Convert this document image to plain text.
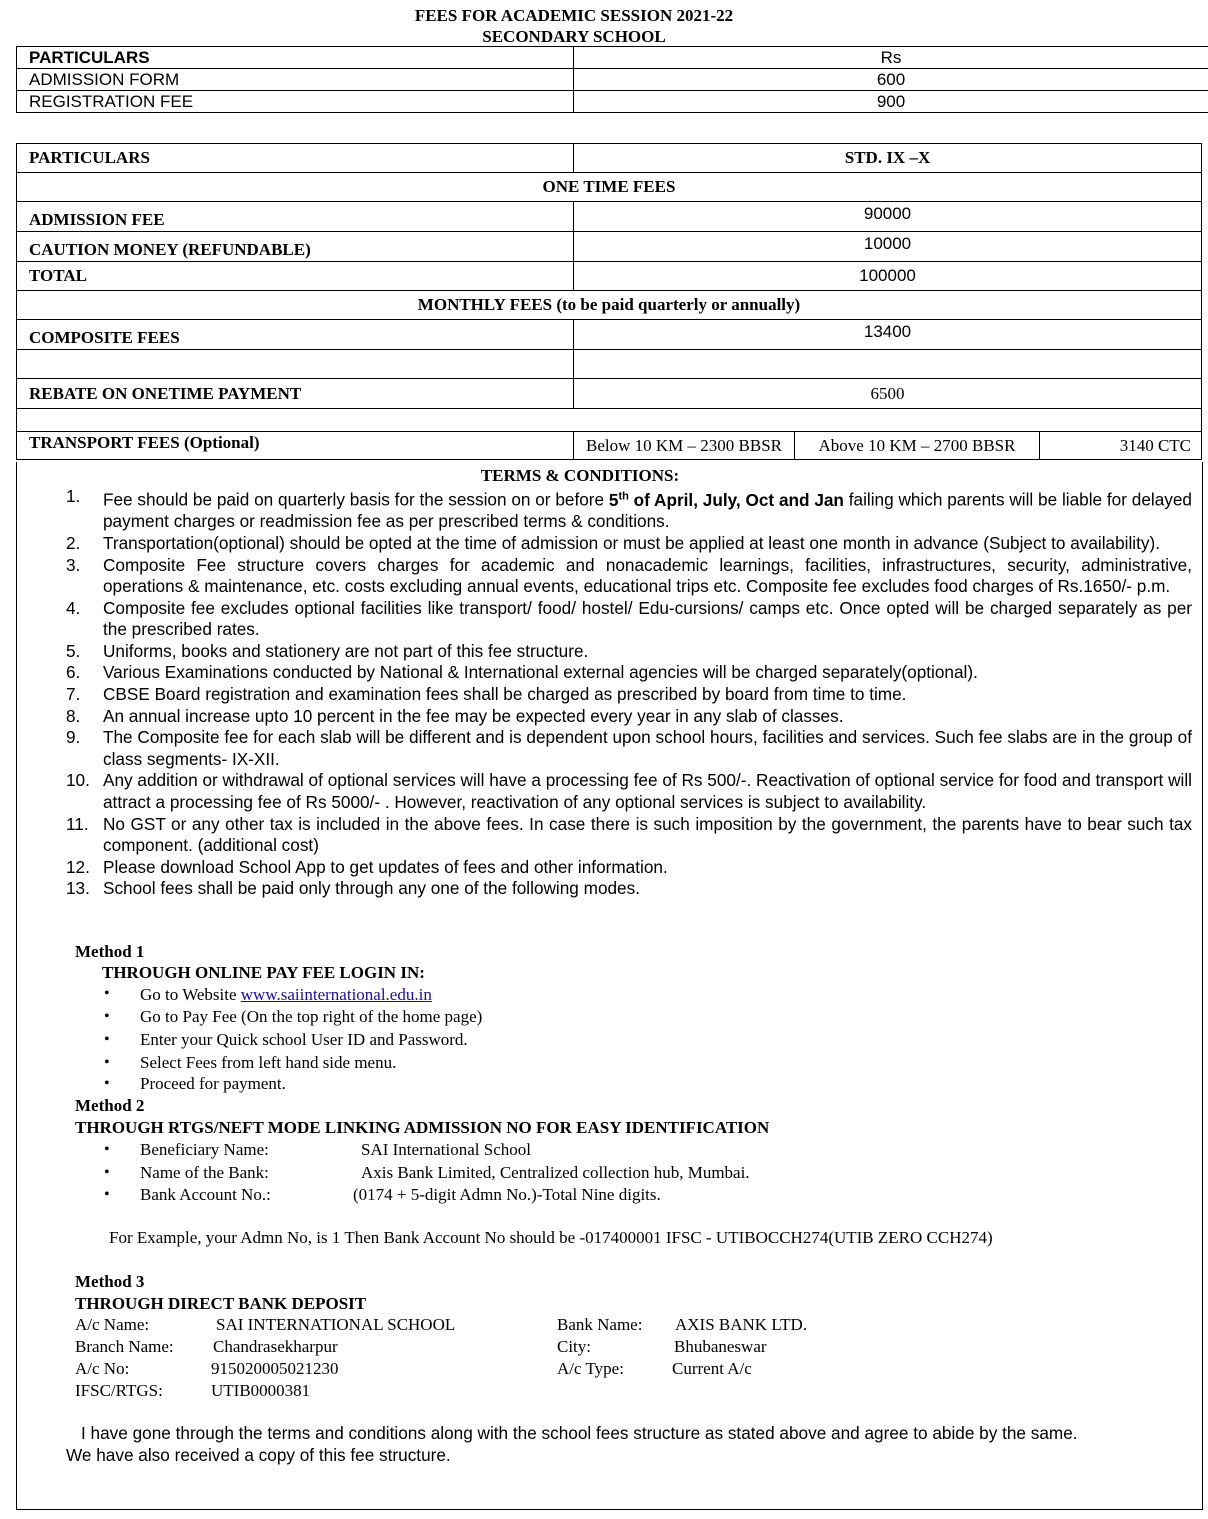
FEES FOR ACADEMIC SESSION 2021-22
SECONDARY SCHOOL
PARTICULARS	Rs
ADMISSION FORM	600
REGISTRATION FEE	900
PARTICULARS	STD. IX –X		
ONE TIME FEES			
ADMISSION FEE	90000		
CAUTION MONEY (REFUNDABLE)	10000		
TOTAL	100000		
MONTHLY FEES (to be paid quarterly or annually)			
COMPOSITE FEES	13400		

REBATE ON ONETIME PAYMENT	6500		

TRANSPORT FEES (Optional)	Below 10 KM – 2300 BBSR	Above 10 KM – 2700 BBSR	3140 CTC
TERMS & CONDITIONS:
1. Fee should be paid on quarterly basis for the session on or before 5th of April, July, Oct and Jan failing which parents will be liable for delayed payment charges or readmission fee as per prescribed terms & conditions.
2. Transportation(optional) should be opted at the time of admission or must be applied at least one month in advance (Subject to availability).
3. Composite Fee structure covers charges for academic and nonacademic learnings, facilities, infrastructures, security, administrative, operations & maintenance, etc. costs excluding annual events, educational trips etc. Composite fee excludes food charges of Rs.1650/- p.m.
4. Composite fee excludes optional facilities like transport/ food/ hostel/ Edu-cursions/ camps etc. Once opted will be charged separately as per the prescribed rates.
5. Uniforms, books and stationery are not part of this fee structure.
6. Various Examinations conducted by National & International external agencies will be charged separately(optional).
7. CBSE Board registration and examination fees shall be charged as prescribed by board from time to time.
8. An annual increase upto 10 percent in the fee may be expected every year in any slab of classes.
9. The Composite fee for each slab will be different and is dependent upon school hours, facilities and services. Such fee slabs are in the group of class segments- IX-XII.
10. Any addition or withdrawal of optional services will have a processing fee of Rs 500/-. Reactivation of optional service for food and transport will attract a processing fee of Rs 5000/- . However, reactivation of any optional services is subject to availability.
11. No GST or any other tax is included in the above fees. In case there is such imposition by the government, the parents have to bear such tax component. (additional cost)
12. Please download School App to get updates of fees and other information.
13. School fees shall be paid only through any one of the following modes.
Method 1
THROUGH ONLINE PAY FEE LOGIN IN:
• Go to Website www.saiinternational.edu.in
• Go to Pay Fee (On the top right of the home page)
• Enter your Quick school User ID and Password.
• Select Fees from left hand side menu.
• Proceed for payment.
Method 2
THROUGH RTGS/NEFT MODE LINKING ADMISSION NO FOR EASY IDENTIFICATION
• Beneficiary Name:	SAI International School
• Name of the Bank:	Axis Bank Limited, Centralized collection hub, Mumbai.
• Bank Account No.:	(0174 + 5-digit Admn No.)-Total Nine digits.
For Example, your Admn No, is 1 Then Bank Account No should be -017400001 IFSC - UTIBOCCH274(UTIB ZERO CCH274)
Method 3
THROUGH DIRECT BANK DEPOSIT
A/c Name:	SAI INTERNATIONAL SCHOOL	Bank Name: AXIS BANK LTD.
Branch Name: Chandrasekharpur	City:	Bhubaneswar
A/c No:	915020005021230	A/c Type:	Current A/c
IFSC/RTGS:	UTIB0000381
I have gone through the terms and conditions along with the school fees structure as stated above and agree to abide by the same.
We have also received a copy of this fee structure.
